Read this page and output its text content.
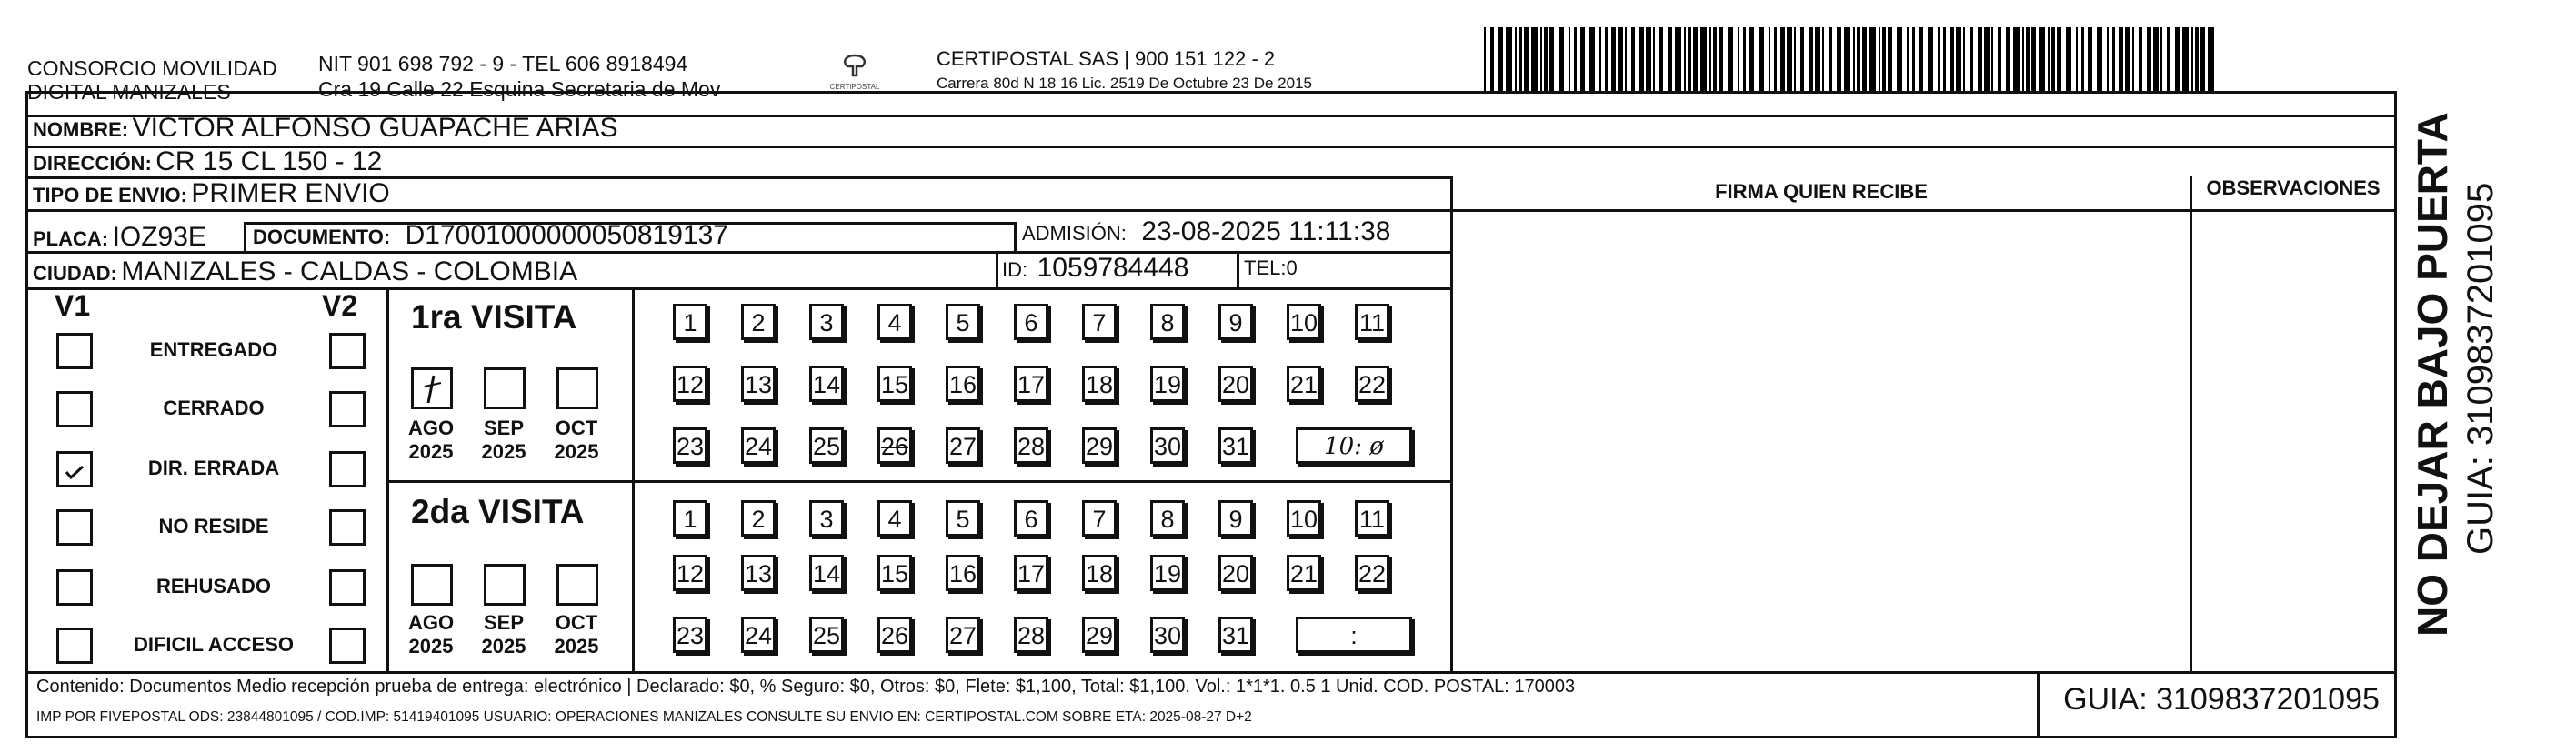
CONSORCIO MOVILIDAD
DIGITAL MANIZALES
NIT 901 698 792 - 9 - TEL 606 8918494
Cra 19 Calle 22 Esquina Secretaria de Mov	CERTIPOSTAL
CERTIPOSTAL SAS | 900 151 122 - 2
Carrera 80d N 18 16 Lic. 2519 De Octubre 23 De 2015
NOMBRE: VICTOR ALFONSO GUAPACHE ARIAS
DIRECCIÓN: CR 15 CL 150 - 12
TIPO DE ENVIO: PRIMER ENVIO	FIRMA QUIEN RECIBE	OBSERVACIONES
PLACA: IOZ93E DOCUMENTO: D17001000000050819137	ADMISIÓN: 23-08-2025 11:11:38
CIUDAD: MANIZALES - CALDAS - COLOMBIA	ID: 1059784448	TEL:0
V1	V2 1ra VISITA
2da VISITA
10: ø
:
Contenido: Documentos Medio recepción prueba de entrega: electrónico | Declarado: $0, % Seguro: $0, Otros: $0, Flete: $1,100, Total: $1,100. Vol.: 1*1*1. 0.5 1 Unid. COD. POSTAL: 170003
IMP POR FIVEPOSTAL ODS: 23844801095 / COD.IMP: 51419401095 USUARIO: OPERACIONES MANIZALES CONSULTE SU ENVIO EN: CERTIPOSTAL.COM SOBRE ETA: 2025-08-27 D+2
GUIA: 3109837201095
NO DEJAR BAJO PUERTA GUIA: 3109837201095
ENTREGADO
CERRADO
DIR. ERRADA
NO RESIDE
REHUSADO
DIFICIL ACCESO
AGO
2025
SEP
2025
OCT
2025
AGO
2025
SEP
2025
OCT
2025
1	2	3	4	5	6	7	8	9	10 11
12 13 14 15 16 17 18 19 20 21 22
23 24 25 26 27 28 29 30 31
1	2	3	4	5	6	7	8	9	10 11
12 13 14 15 16 17 18 19 20 21 22
23 24 25 26 27 28 29 30 31
